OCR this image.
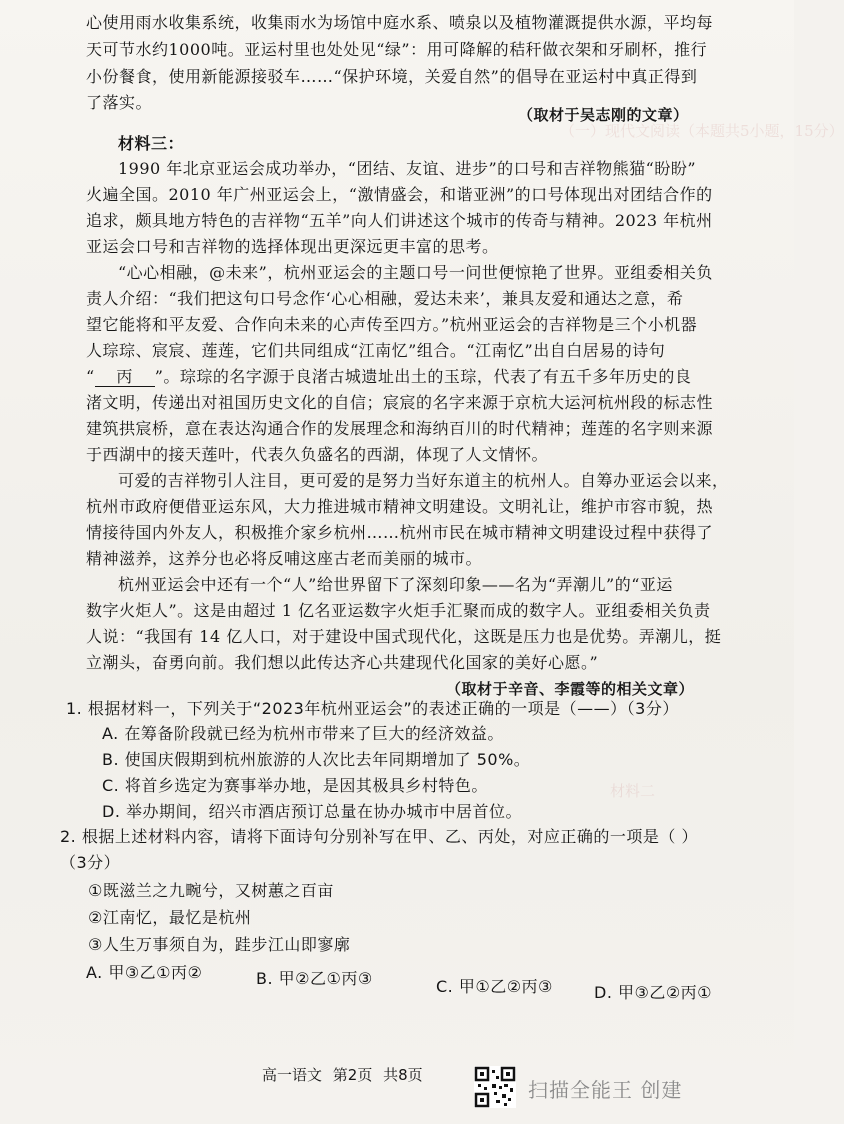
（一）现代文阅读（本题共5小题，15分）
材料二
心使用雨水收集系统，收集雨水为场馆中庭水系、喷泉以及植物灌溉提供水源，平均每
天可节水约1000吨。亚运村里也处处见“绿”：用可降解的秸秆做衣架和牙刷杯，推行
小份餐食，使用新能源接驳车……“保护环境，关爱自然”的倡导在亚运村中真正得到
了落实。
（取材于吴志刚的文章）
材料三：
1990 年北京亚运会成功举办，“团结、友谊、进步”的口号和吉祥物熊猫“盼盼”
火遍全国。2010 年广州亚运会上，“激情盛会，和谐亚洲”的口号体现出对团结合作的
追求，颇具地方特色的吉祥物“五羊”向人们讲述这个城市的传奇与精神。2023 年杭州
亚运会口号和吉祥物的选择体现出更深远更丰富的思考。
“心心相融，@未来”，杭州亚运会的主题口号一问世便惊艳了世界。亚组委相关负
责人介绍：“我们把这句口号念作‘心心相融，爱达未来’，兼具友爱和通达之意，希
望它能将和平友爱、合作向未来的心声传至四方。”杭州亚运会的吉祥物是三个小机器
人琮琮、宸宸、莲莲，它们共同组成“江南忆”组合。“江南忆”出自白居易的诗句
“ 丙 ”。琮琮的名字源于良渚古城遗址出土的玉琮，代表了有五千多年历史的良
渚文明，传递出对祖国历史文化的自信；宸宸的名字来源于京杭大运河杭州段的标志性
建筑拱宸桥，意在表达沟通合作的发展理念和海纳百川的时代精神；莲莲的名字则来源
于西湖中的接天莲叶，代表久负盛名的西湖，体现了人文情怀。
可爱的吉祥物引人注目，更可爱的是努力当好东道主的杭州人。自筹办亚运会以来，
杭州市政府便借亚运东风，大力推进城市精神文明建设。文明礼让，维护市容市貌，热
情接待国内外友人，积极推介家乡杭州……杭州市民在城市精神文明建设过程中获得了
精神滋养，这养分也必将反哺这座古老而美丽的城市。
杭州亚运会中还有一个“人”给世界留下了深刻印象——名为“弄潮儿”的“亚运
数字火炬人”。这是由超过 1 亿名亚运数字火炬手汇聚而成的数字人。亚组委相关负责
人说：“我国有 14 亿人口，对于建设中国式现代化，这既是压力也是优势。弄潮儿，挺
立潮头，奋勇向前。我们想以此传达齐心共建现代化国家的美好心愿。”
（取材于辛音、李霞等的相关文章）
1. 根据材料一，下列关于“2023年杭州亚运会”的表述正确的一项是（——）（3分）
A. 在筹备阶段就已经为杭州市带来了巨大的经济效益。
B. 使国庆假期到杭州旅游的人次比去年同期增加了 50%。
C. 将首乡选定为赛事举办地，是因其极具乡村特色。
D. 举办期间，绍兴市酒店预订总量在协办城市中居首位。
2. 根据上述材料内容，请将下面诗句分别补写在甲、乙、丙处，对应正确的一项是（ ）
（3分）
①既滋兰之九畹兮，又树蕙之百亩
②江南忆，最忆是杭州
③人生万事须自为，跬步江山即寥廓
A. 甲③乙①丙②	B. 甲②乙①丙③	C. 甲①乙②丙③	D. 甲③乙②丙①
高一语文 第2页 共8页
扫描全能王 创建
